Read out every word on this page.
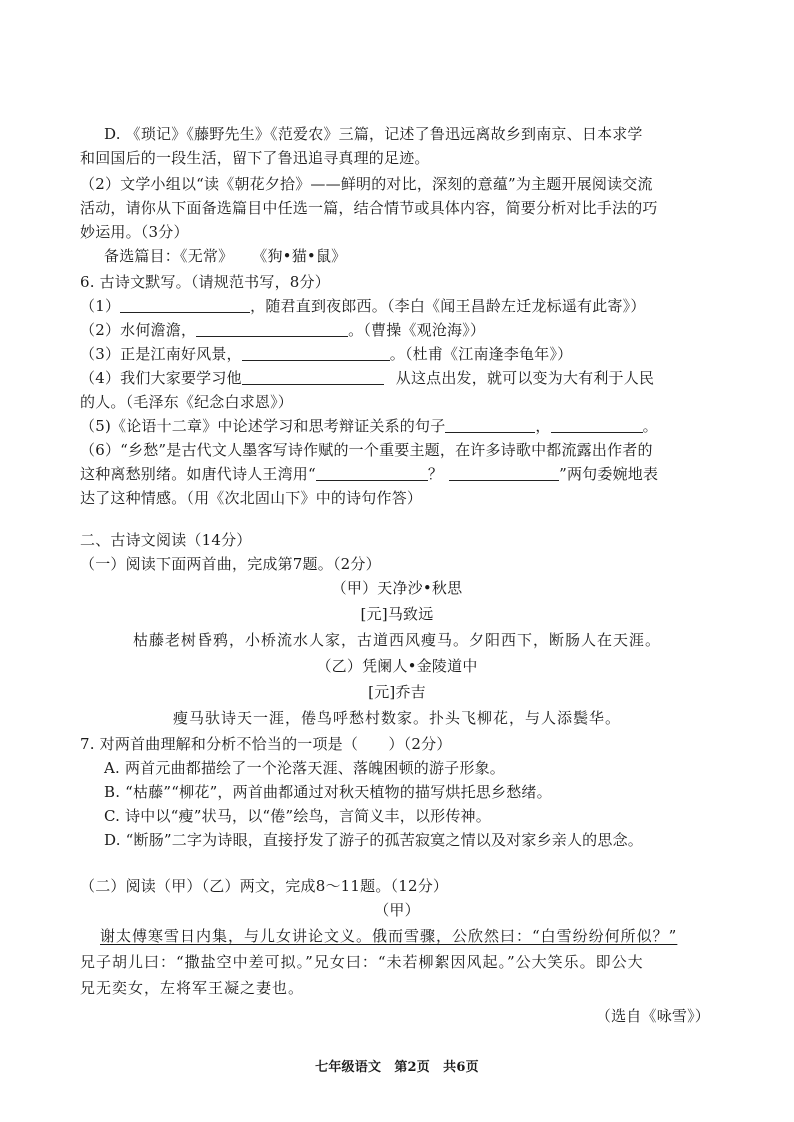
D. 《琐记》《藤野先生》《范爱农》三篇，记述了鲁迅远离故乡到南京、日本求学
和回国后的一段生活，留下了鲁迅追寻真理的足迹。
（2）文学小组以“读《朝花夕拾》——鲜明的对比，深刻的意蕴”为主题开展阅读交流
活动，请你从下面备选篇目中任选一篇，结合情节或具体内容，简要分析对比手法的巧
妙运用。（3分）
备选篇目：《无常》 《狗•猫•鼠》
6. 古诗文默写。（请规范书写，8分）
（1）	，随君直到夜郎西。（李白《闻王昌龄左迁龙标遥有此寄》）
（2）水何澹澹，	。（曹操《观沧海》）
（3）正是江南好风景，	。（杜甫《江南逢李龟年》）
（4）我们大家要学习他	从这点出发，就可以变为大有利于人民
的人。（毛泽东《纪念白求恩》）
（5)《论语十二章》中论述学习和思考辩证关系的句子	，	。
（6）“乡愁”是古代文人墨客写诗作赋的一个重要主题，在许多诗歌中都流露出作者的
这种离愁别绪。如唐代诗人王湾用“	？	”两句委婉地表
达了这种情感。（用《次北固山下》中的诗句作答）
二、古诗文阅读（14分）
（一）阅读下面两首曲，完成第7题。（2分）
（甲）天净沙•秋思
[元]马致远
枯藤老树昏鸦，小桥流水人家，古道西风瘦马。夕阳西下，断肠人在天涯。
（乙）凭阑人•金陵道中
[元]乔吉
瘦马驮诗天一涯，倦鸟呼愁村数家。扑头飞柳花，与人添鬓华。
7. 对两首曲理解和分析不恰当的一项是（　　）（2分）
A. 两首元曲都描绘了一个沦落天涯、落魄困顿的游子形象。
B. “枯藤”“柳花”，两首曲都通过对秋天植物的描写烘托思乡愁绪。
C. 诗中以“瘦”状马，以“倦”绘鸟，言简义丰，以形传神。
D. “断肠”二字为诗眼，直接抒发了游子的孤苦寂寞之情以及对家乡亲人的思念。
（二）阅读（甲）（乙）两文，完成8～11题。（12分）
（甲）
谢太傅寒雪日内集，与儿女讲论文义。俄而雪骤，公欣然曰：“白雪纷纷何所似？”
兄子胡儿曰：“撒盐空中差可拟。”兄女曰：“未若柳絮因风起。”公大笑乐。即公大
兄无奕女，左将军王凝之妻也。
（选自《咏雪》）
七年级语文　第2页　共6页
